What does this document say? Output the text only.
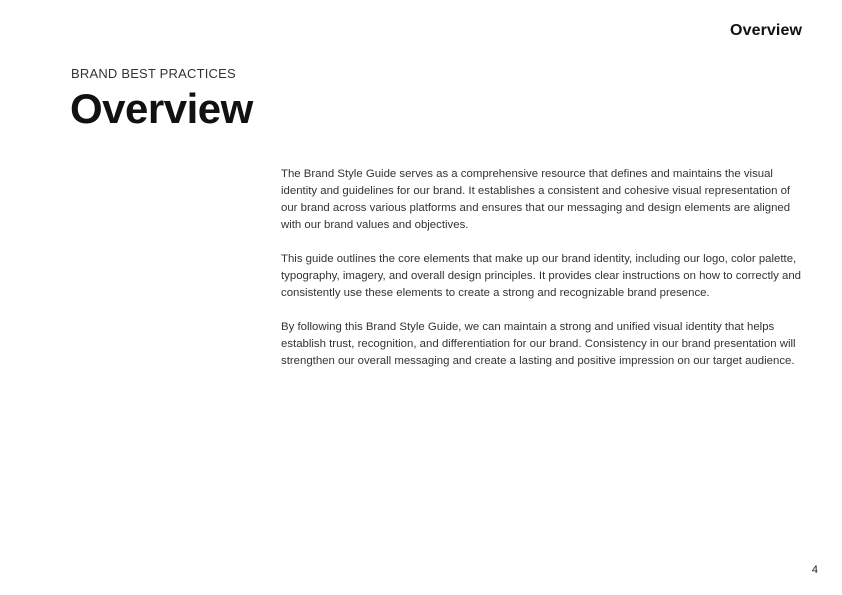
Overview
BRAND BEST PRACTICES
Overview

The Brand Style Guide serves as a comprehensive resource that defines and maintains the visual identity and guidelines for our brand. It establishes a consistent and cohesive visual representation of our brand across various platforms and ensures that our messaging and design elements are aligned with our brand values and objectives.

This guide outlines the core elements that make up our brand identity, including our logo, color palette, typography, imagery, and overall design principles. It provides clear instructions on how to correctly and consistently use these elements to create a strong and recognizable brand presence.

By following this Brand Style Guide, we can maintain a strong and unified visual identity that helps establish trust, recognition, and differentiation for our brand. Consistency in our brand presentation will strengthen our overall messaging and create a lasting and positive impression on our target audience.

4
